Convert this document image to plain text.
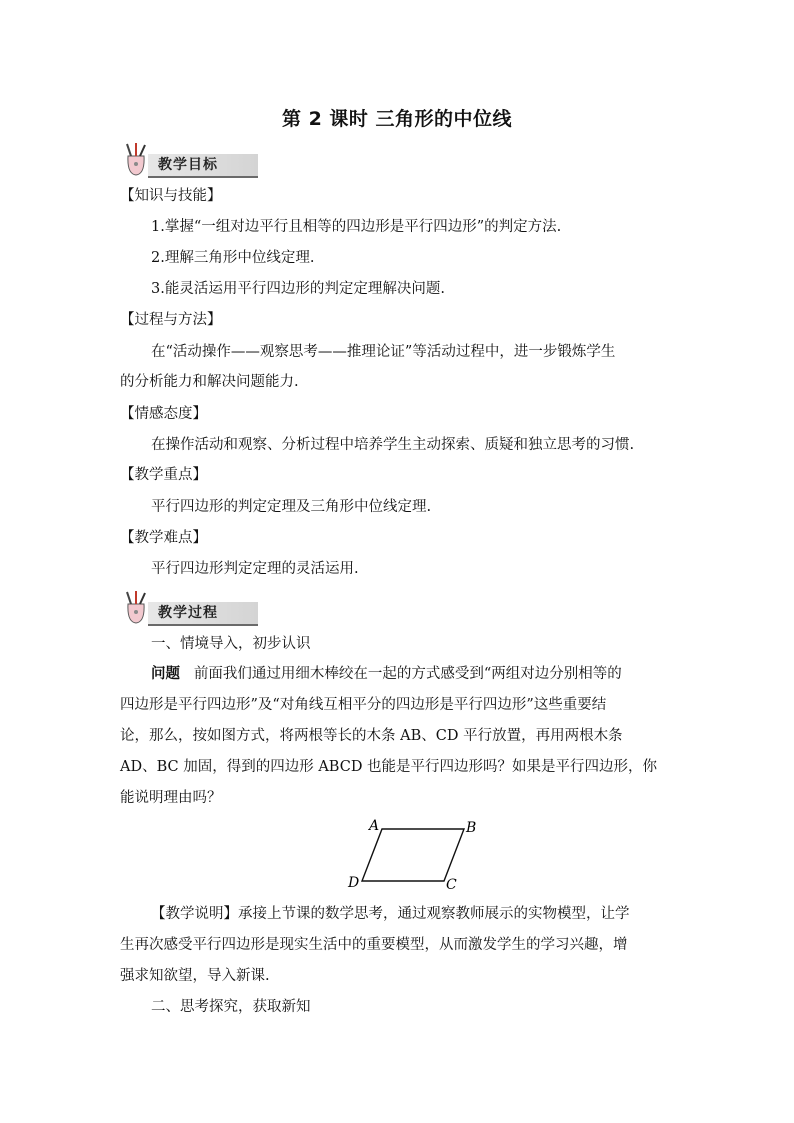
第 2 课时 三角形的中位线
教学目标
【知识与技能】
1.掌握“一组对边平行且相等的四边形是平行四边形”的判定方法.
2.理解三角形中位线定理.
3.能灵活运用平行四边形的判定定理解决问题.
【过程与方法】
在“活动操作——观察思考——推理论证”等活动过程中，进一步锻炼学生
的分析能力和解决问题能力.
【情感态度】
在操作活动和观察、分析过程中培养学生主动探索、质疑和独立思考的习惯.
【教学重点】
平行四边形的判定定理及三角形中位线定理.
【教学难点】
平行四边形判定定理的灵活运用.
教学过程
一、情境导入，初步认识
问题 前面我们通过用细木棒绞在一起的方式感受到“两组对边分别相等的
四边形是平行四边形”及“对角线互相平分的四边形是平行四边形”这些重要结
论，那么，按如图方式，将两根等长的木条 AB、CD 平行放置，再用两根木条
AD、BC 加固，得到的四边形 ABCD 也能是平行四边形吗？如果是平行四边形，你
能说明理由吗？
A	B
C
D
【教学说明】承接上节课的数学思考，通过观察教师展示的实物模型，让学
生再次感受平行四边形是现实生活中的重要模型，从而激发学生的学习兴趣，增
强求知欲望，导入新课.
二、思考探究，获取新知
